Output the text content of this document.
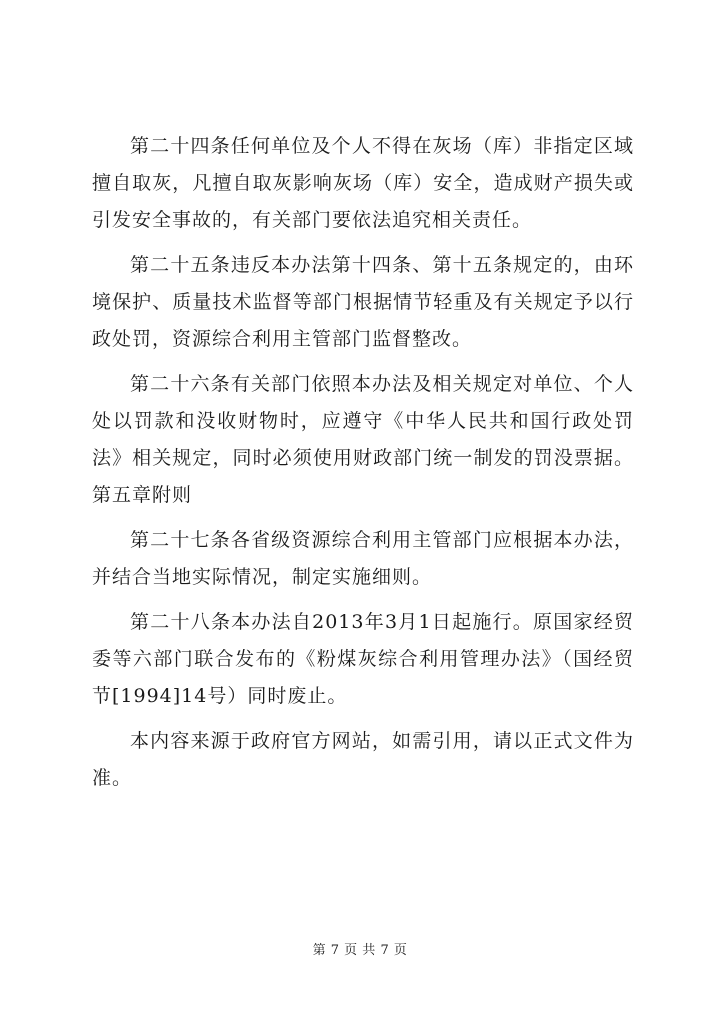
第二十四条任何单位及个人不得在灰场（库）非指定区域擅自取灰，凡擅自取灰影响灰场（库）安全，造成财产损失或引发安全事故的，有关部门要依法追究相关责任。

第二十五条违反本办法第十四条、第十五条规定的，由环境保护、质量技术监督等部门根据情节轻重及有关规定予以行政处罚，资源综合利用主管部门监督整改。

第二十六条有关部门依照本办法及相关规定对单位、个人处以罚款和没收财物时，应遵守《中华人民共和国行政处罚法》相关规定，同时必须使用财政部门统一制发的罚没票据。第五章附则

第二十七条各省级资源综合利用主管部门应根据本办法，并结合当地实际情况，制定实施细则。

第二十八条本办法自2013年3月1日起施行。原国家经贸委等六部门联合发布的《粉煤灰综合利用管理办法》（国经贸节[1994]14号）同时废止。

本内容来源于政府官方网站，如需引用，请以正式文件为准。

第 7 页 共 7 页
